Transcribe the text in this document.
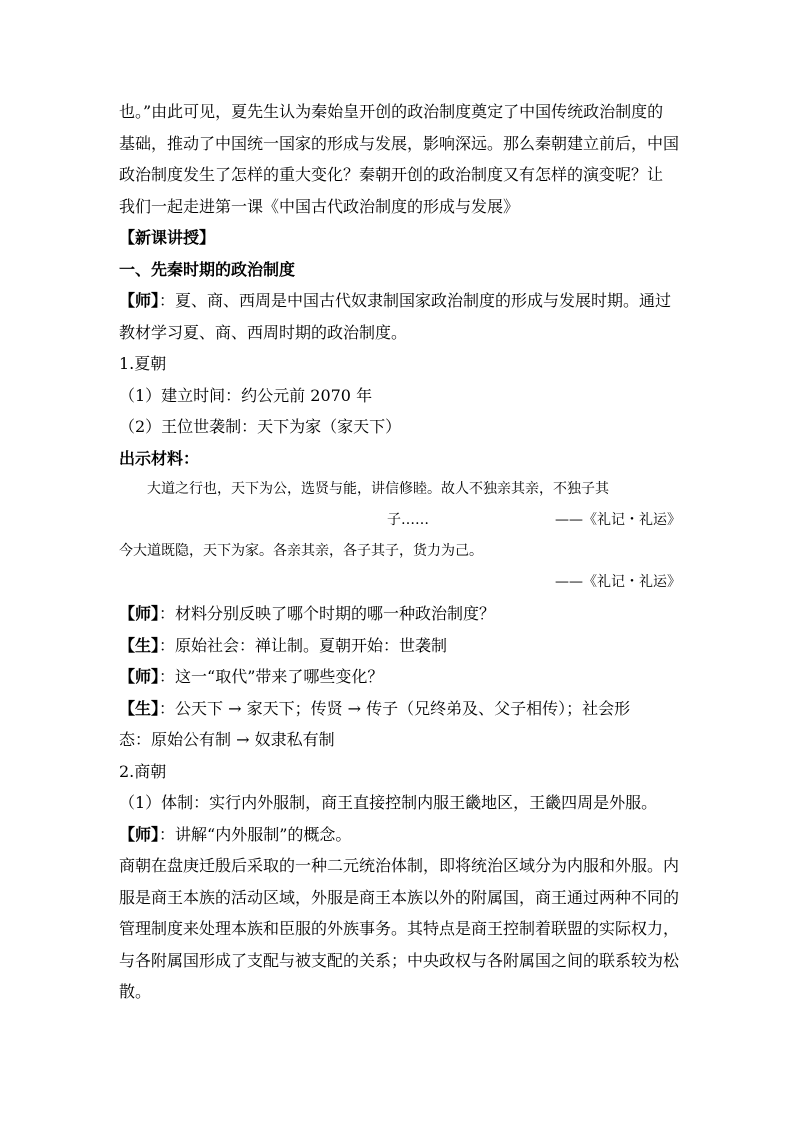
也。”由此可见，夏先生认为秦始皇开创的政治制度奠定了中国传统政治制度的

基础，推动了中国统一国家的形成与发展，影响深远。那么秦朝建立前后，中国

政治制度发生了怎样的重大变化？秦朝开创的政治制度又有怎样的演变呢？让

我们一起走进第一课《中国古代政治制度的形成与发展》

【新课讲授】

一、先秦时期的政治制度

【师】：夏、商、西周是中国古代奴隶制国家政治制度的形成与发展时期。通过

教材学习夏、商、西周时期的政治制度。

1.夏朝

（1）建立时间：约公元前 2070 年

（2）王位世袭制：天下为家（家天下）

出示材料：

大道之行也，天下为公，选贤与能，讲信修睦。故人不独亲其亲，不独子其

子……	——《礼记・礼运》

今大道既隐，天下为家。各亲其亲，各子其子，货力为己。

——《礼记・礼运》

【师】：材料分别反映了哪个时期的哪一种政治制度？

【生】：原始社会：禅让制。夏朝开始：世袭制

【师】：这一“取代”带来了哪些变化？

【生】：公天下 → 家天下；传贤 → 传子（兄终弟及、父子相传）；社会形

态：原始公有制 → 奴隶私有制

2.商朝

（1）体制：实行内外服制，商王直接控制内服王畿地区，王畿四周是外服。

【师】：讲解“内外服制”的概念。

商朝在盘庚迁殷后采取的一种二元统治体制，即将统治区域分为内服和外服。内

服是商王本族的活动区域，外服是商王本族以外的附属国，商王通过两种不同的

管理制度来处理本族和臣服的外族事务。其特点是商王控制着联盟的实际权力，

与各附属国形成了支配与被支配的关系；中央政权与各附属国之间的联系较为松

散。
